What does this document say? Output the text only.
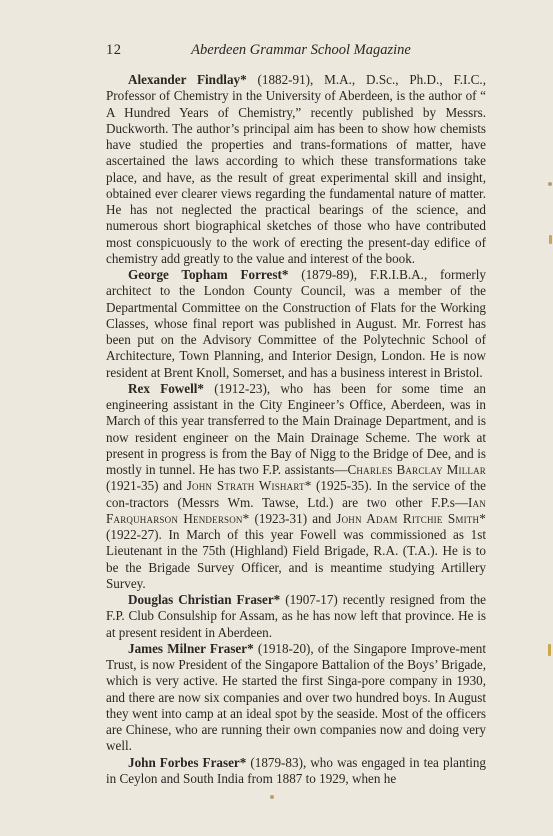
12	Aberdeen Grammar School Magazine

Alexander Findlay* (1882-91), M.A., D.Sc., Ph.D., F.I.C., Professor of Chemistry in the University of Aberdeen, is the author of “ A Hundred Years of Chemistry,” recently published by Messrs. Duckworth. The author’s principal aim has been to show how chemists have studied the properties and trans-formations of matter, have ascertained the laws according to which these transformations take place, and have, as the result of great experimental skill and insight, obtained ever clearer views regarding the fundamental nature of matter. He has not neglected the practical bearings of the science, and numerous short biographical sketches of those who have contributed most conspicuously to the work of erecting the present-day edifice of chemistry add greatly to the value and interest of the book.

George Topham Forrest* (1879-89), F.R.I.B.A., formerly architect to the London County Council, was a member of the Departmental Committee on the Construction of Flats for the Working Classes, whose final report was published in August. Mr. Forrest has been put on the Advisory Committee of the Polytechnic School of Architecture, Town Planning, and Interior Design, London. He is now resident at Brent Knoll, Somerset, and has a business interest in Bristol.

Rex Fowell* (1912-23), who has been for some time an engineering assistant in the City Engineer’s Office, Aberdeen, was in March of this year transferred to the Main Drainage Department, and is now resident engineer on the Main Drainage Scheme. The work at present in progress is from the Bay of Nigg to the Bridge of Dee, and is mostly in tunnel. He has two F.P. assistants—Charles Barclay Millar (1921-35) and John Strath Wishart* (1925-35). In the service of the con-tractors (Messrs Wm. Tawse, Ltd.) are two other F.P.s—Ian Farquharson Henderson* (1923-31) and John Adam Ritchie Smith* (1922-27). In March of this year Fowell was commissioned as 1st Lieutenant in the 75th (Highland) Field Brigade, R.A. (T.A.). He is to be the Brigade Survey Officer, and is meantime studying Artillery Survey.

Douglas Christian Fraser* (1907-17) recently resigned from the F.P. Club Consulship for Assam, as he has now left that province. He is at present resident in Aberdeen.

James Milner Fraser* (1918-20), of the Singapore Improve-ment Trust, is now President of the Singapore Battalion of the Boys’ Brigade, which is very active. He started the first Singa-pore company in 1930, and there are now six companies and over two hundred boys. In August they went into camp at an ideal spot by the seaside. Most of the officers are Chinese, who are running their own companies now and doing very well.

John Forbes Fraser* (1879-83), who was engaged in tea planting in Ceylon and South India from 1887 to 1929, when he
